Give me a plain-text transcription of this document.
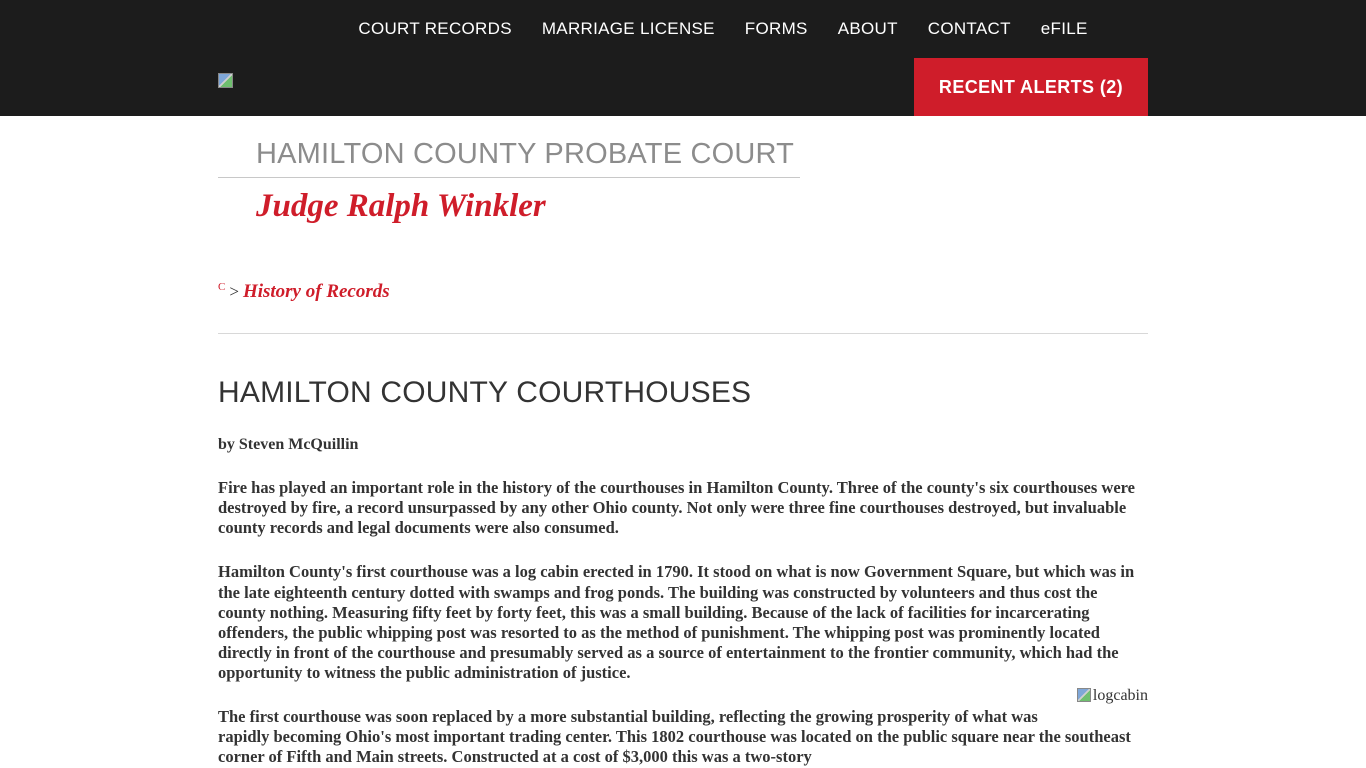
COURT RECORDS MARRIAGE LICENSE FORMS ABOUT CONTACT eFILE
RECENT ALERTS (2)
HAMILTON COUNTY PROBATE COURT
Judge Ralph Winkler
$^C$ > History of Records
HAMILTON COUNTY COURTHOUSES
by Steven McQuillin

Fire has played an important role in the history of the courthouses in Hamilton County. Three of the county's six courthouses were destroyed by fire, a record unsurpassed by any other Ohio county. Not only were three fine courthouses destroyed, but invaluable county records and legal documents were also consumed.

Hamilton County's first courthouse was a log cabin erected in 1790. It stood on what is now Government Square, but which was in the late eighteenth century dotted with swamps and frog ponds. The building was constructed by volunteers and thus cost the county nothing. Measuring fifty feet by forty feet, this was a small building. Because of the lack of facilities for incarcerating offenders, the public whipping post was resorted to as the method of punishment. The whipping post was prominently located directly in front of the courthouse and presumably served as a source of entertainment to the frontier community, which had the opportunity to witness the public administration of justice.

logcabin

The first courthouse was soon replaced by a more substantial building, reflecting the growing prosperity of what was rapidly becoming Ohio's most important trading center. This 1802 courthouse was located on the public square near the southeast corner of Fifth and Main streets. Constructed at a cost of $3,000 this was a two-story
